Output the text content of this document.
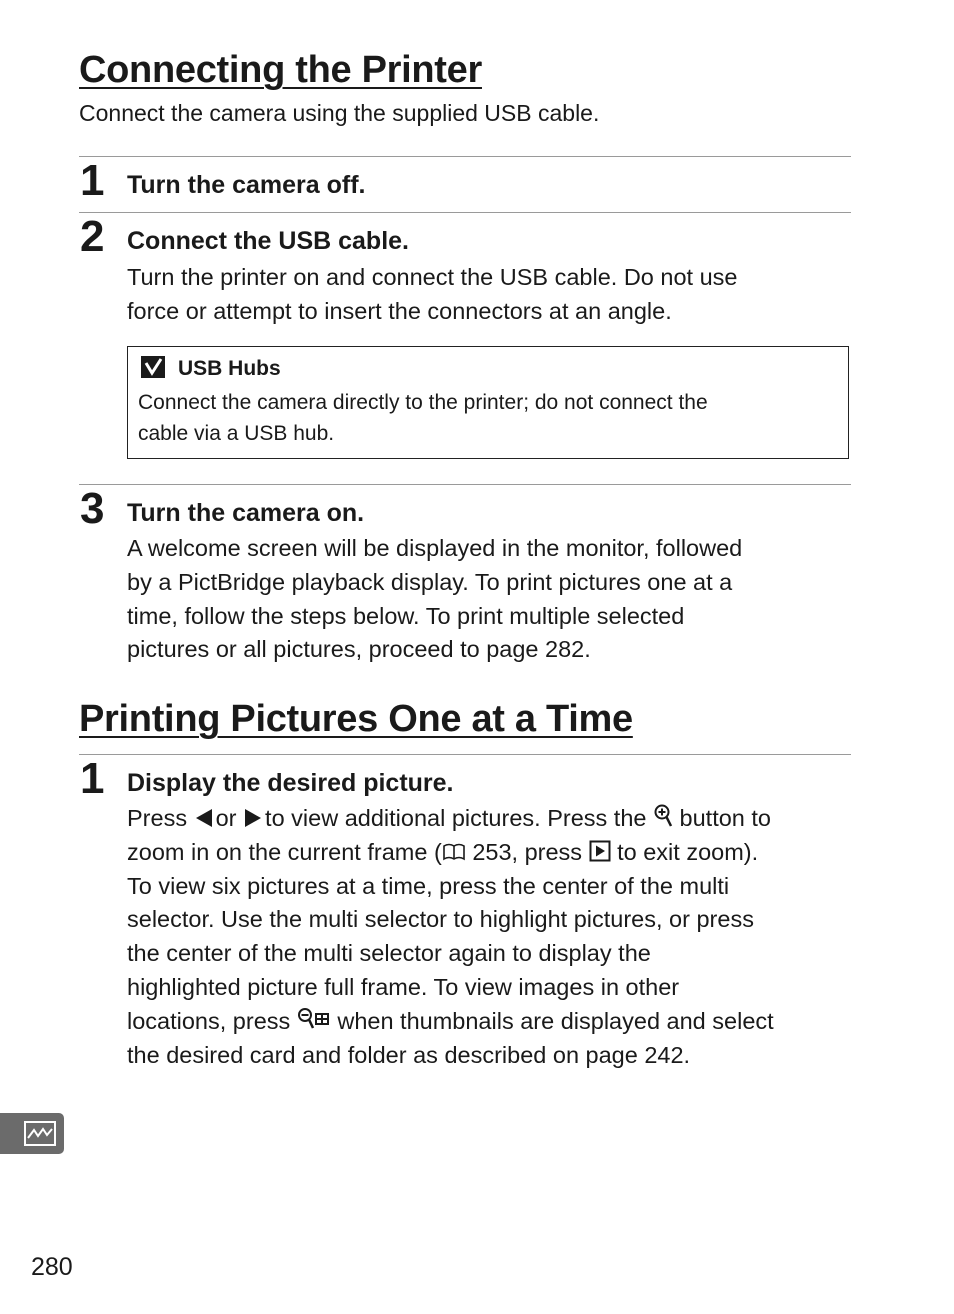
Connecting the Printer
Connect the camera using the supplied USB cable.
1 Turn the camera off.
2 Connect the USB cable.
Turn the printer on and connect the USB cable. Do not use
force or attempt to insert the connectors at an angle.
USB Hubs
Connect the camera directly to the printer; do not connect the
cable via a USB hub.
3 Turn the camera on.
A welcome screen will be displayed in the monitor, followed
by a PictBridge playback display. To print pictures one at a
time, follow the steps below. To print multiple selected
pictures or all pictures, proceed to page 282.
Printing Pictures One at a Time
1 Display the desired picture.
Press or to view additional pictures. Press the button to
zoom in on the current frame ( 253, press to exit zoom).
To view six pictures at a time, press the center of the multi
selector. Use the multi selector to highlight pictures, or press
the center of the multi selector again to display the
highlighted picture full frame. To view images in other
locations, press when thumbnails are displayed and select
the desired card and folder as described on page 242.
280
